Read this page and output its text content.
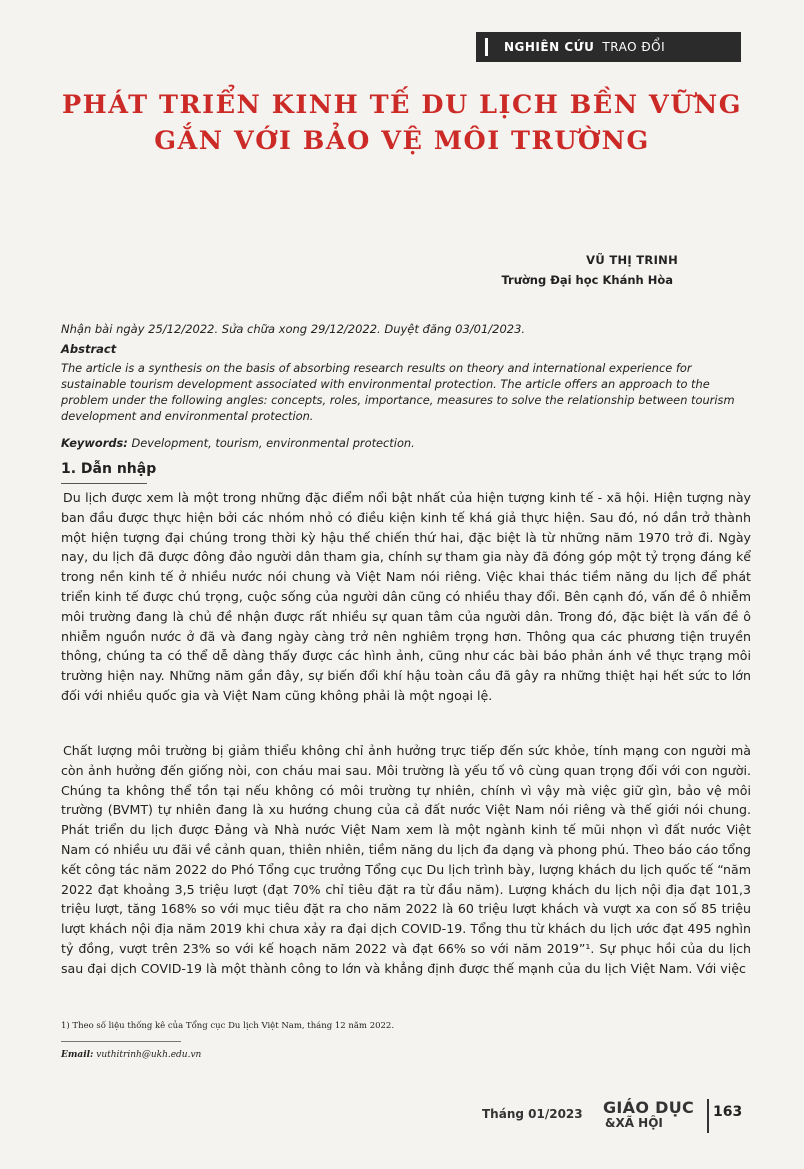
NGHIÊN CỨU TRAO ĐỔI
PHÁT TRIỂN KINH TẾ DU LỊCH BỀN VỮNG
GẮN VỚI BẢO VỆ MÔI TRƯỜNG
VŨ THỊ TRINH
Trường Đại học Khánh Hòa
Nhận bài ngày 25/12/2022. Sửa chữa xong 29/12/2022. Duyệt đăng 03/01/2023.
Abstract
The article is a synthesis on the basis of absorbing research results on theory and international experience for sustainable tourism development associated with environmental protection. The article offers an approach to the problem under the following angles: concepts, roles, importance, measures to solve the relationship between tourism development and environmental protection.
Keywords: Development, tourism, environmental protection.
1. Dẫn nhập
Du lịch được xem là một trong những đặc điểm nổi bật nhất của hiện tượng kinh tế - xã hội. Hiện tượng này ban đầu được thực hiện bởi các nhóm nhỏ có điều kiện kinh tế khá giả thực hiện. Sau đó, nó dần trở thành một hiện tượng đại chúng trong thời kỳ hậu thế chiến thứ hai, đặc biệt là từ những năm 1970 trở đi. Ngày nay, du lịch đã được đông đảo người dân tham gia, chính sự tham gia này đã đóng góp một tỷ trọng đáng kể trong nền kinh tế ở nhiều nước nói chung và Việt Nam nói riêng. Việc khai thác tiềm năng du lịch để phát triển kinh tế được chú trọng, cuộc sống của người dân cũng có nhiều thay đổi. Bên cạnh đó, vấn đề ô nhiễm môi trường đang là chủ đề nhận được rất nhiều sự quan tâm của người dân. Trong đó, đặc biệt là vấn đề ô nhiễm nguồn nước ở đã và đang ngày càng trở nên nghiêm trọng hơn. Thông qua các phương tiện truyền thông, chúng ta có thể dễ dàng thấy được các hình ảnh, cũng như các bài báo phản ánh về thực trạng môi trường hiện nay. Những năm gần đây, sự biến đổi khí hậu toàn cầu đã gây ra những thiệt hại hết sức to lớn đối với nhiều quốc gia và Việt Nam cũng không phải là một ngoại lệ.
Chất lượng môi trường bị giảm thiểu không chỉ ảnh hưởng trực tiếp đến sức khỏe, tính mạng con người mà còn ảnh hưởng đến giống nòi, con cháu mai sau. Môi trường là yếu tố vô cùng quan trọng đối với con người. Chúng ta không thể tồn tại nếu không có môi trường tự nhiên, chính vì vậy mà việc giữ gìn, bảo vệ môi trường (BVMT) tự nhiên đang là xu hướng chung của cả đất nước Việt Nam nói riêng và thế giới nói chung. Phát triển du lịch được Đảng và Nhà nước Việt Nam xem là một ngành kinh tế mũi nhọn vì đất nước Việt Nam có nhiều ưu đãi về cảnh quan, thiên nhiên, tiềm năng du lịch đa dạng và phong phú. Theo báo cáo tổng kết công tác năm 2022 do Phó Tổng cục trưởng Tổng cục Du lịch trình bày, lượng khách du lịch quốc tế “năm 2022 đạt khoảng 3,5 triệu lượt (đạt 70% chỉ tiêu đặt ra từ đầu năm). Lượng khách du lịch nội địa đạt 101,3 triệu lượt, tăng 168% so với mục tiêu đặt ra cho năm 2022 là 60 triệu lượt khách và vượt xa con số 85 triệu lượt khách nội địa năm 2019 khi chưa xảy ra đại dịch COVID-19. Tổng thu từ khách du lịch ước đạt 495 nghìn tỷ đồng, vượt trên 23% so với kế hoạch năm 2022 và đạt 66% so với năm 2019”¹. Sự phục hồi của du lịch sau đại dịch COVID-19 là một thành công to lớn và khẳng định được thế mạnh của du lịch Việt Nam. Với việc
1) Theo số liệu thống kê của Tổng cục Du lịch Việt Nam, tháng 12 năm 2022.
Email: vuthitrinh@ukh.edu.vn
Tháng 01/2023 GIÁO DỤC
&XÃ HỘI
163
